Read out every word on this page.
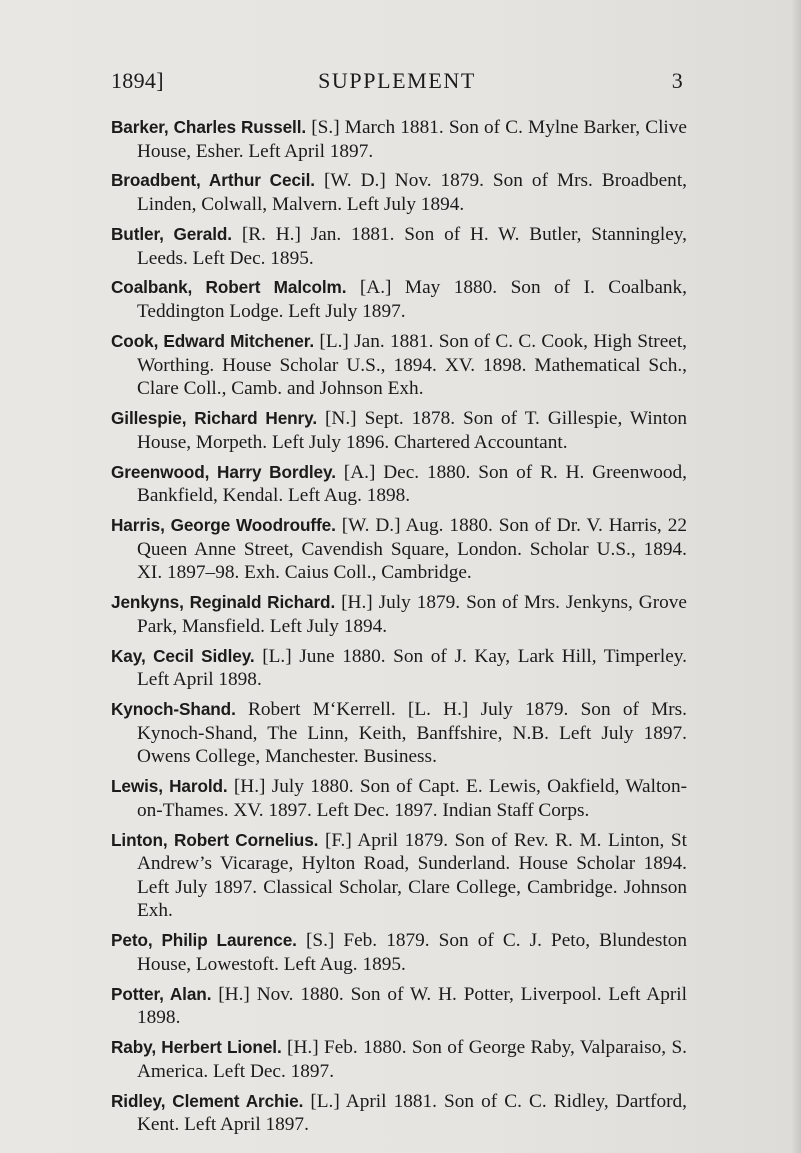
1894]	SUPPLEMENT	3

Barker, Charles Russell. [S.] March 1881. Son of C. Mylne Barker, Clive House, Esher. Left April 1897.

Broadbent, Arthur Cecil. [W. D.] Nov. 1879. Son of Mrs. Broadbent, Linden, Colwall, Malvern. Left July 1894.

Butler, Gerald. [R. H.] Jan. 1881. Son of H. W. Butler, Stanningley, Leeds. Left Dec. 1895.

Coalbank, Robert Malcolm. [A.] May 1880. Son of I. Coalbank, Teddington Lodge. Left July 1897.

Cook, Edward Mitchener. [L.] Jan. 1881. Son of C. C. Cook, High Street, Worthing. House Scholar U.S., 1894. XV. 1898. Mathematical Sch., Clare Coll., Camb. and Johnson Exh.

Gillespie, Richard Henry. [N.] Sept. 1878. Son of T. Gillespie, Winton House, Morpeth. Left July 1896. Chartered Accountant.

Greenwood, Harry Bordley. [A.] Dec. 1880. Son of R. H. Greenwood, Bankfield, Kendal. Left Aug. 1898.

Harris, George Woodrouffe. [W. D.] Aug. 1880. Son of Dr. V. Harris, 22 Queen Anne Street, Cavendish Square, London. Scholar U.S., 1894. XI. 1897–98. Exh. Caius Coll., Cambridge.

Jenkyns, Reginald Richard. [H.] July 1879. Son of Mrs. Jenkyns, Grove Park, Mansfield. Left July 1894.

Kay, Cecil Sidley. [L.] June 1880. Son of J. Kay, Lark Hill, Timperley. Left April 1898.

Kynoch-Shand. Robert M‘Kerrell. [L. H.] July 1879. Son of Mrs. Kynoch-Shand, The Linn, Keith, Banffshire, N.B. Left July 1897. Owens College, Manchester. Business.

Lewis, Harold. [H.] July 1880. Son of Capt. E. Lewis, Oakfield, Walton-on-Thames. XV. 1897. Left Dec. 1897. Indian Staff Corps.

Linton, Robert Cornelius. [F.] April 1879. Son of Rev. R. M. Linton, St Andrew’s Vicarage, Hylton Road, Sunderland. House Scholar 1894. Left July 1897. Classical Scholar, Clare College, Cambridge. Johnson Exh.

Peto, Philip Laurence. [S.] Feb. 1879. Son of C. J. Peto, Blundeston House, Lowestoft. Left Aug. 1895.

Potter, Alan. [H.] Nov. 1880. Son of W. H. Potter, Liverpool. Left April 1898.

Raby, Herbert Lionel. [H.] Feb. 1880. Son of George Raby, Valparaiso, S. America. Left Dec. 1897.

Ridley, Clement Archie. [L.] April 1881. Son of C. C. Ridley, Dartford, Kent. Left April 1897.
